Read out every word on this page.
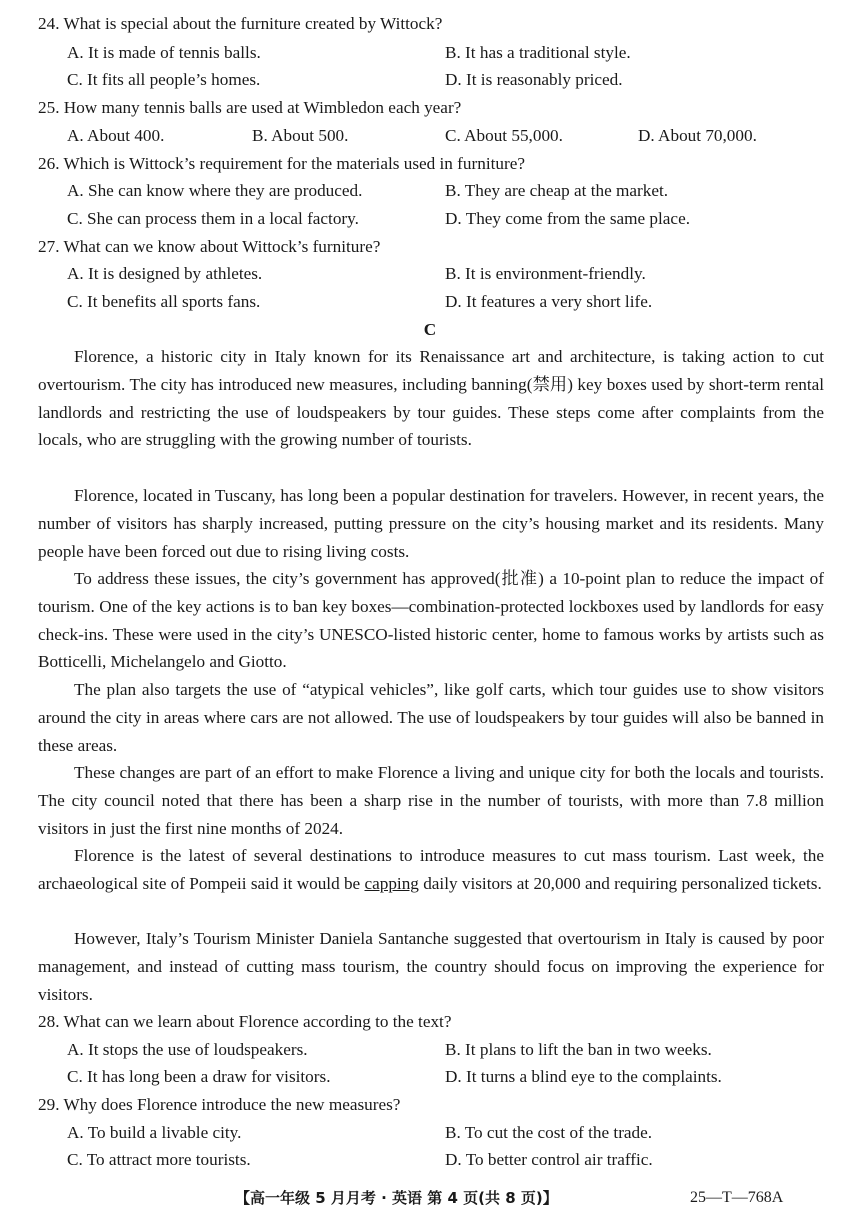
24. What is special about the furniture created by Wittock?
A. It is made of tennis balls.	B. It has a traditional style.
C. It fits all people’s homes.	D. It is reasonably priced.
25. How many tennis balls are used at Wimbledon each year?
A. About 400.	B. About 500.	C. About 55,000.	D. About 70,000.
26. Which is Wittock’s requirement for the materials used in furniture?
A. She can know where they are produced.	B. They are cheap at the market.
C. She can process them in a local factory.	D. They come from the same place.
27. What can we know about Wittock’s furniture?
A. It is designed by athletes.	B. It is environment-friendly.
C. It benefits all sports fans.	D. It features a very short life.
C
Florence, a historic city in Italy known for its Renaissance art and architecture, is taking action to cut overtourism. The city has introduced new measures, including banning(禁用) key boxes used by short-term rental landlords and restricting the use of loudspeakers by tour guides. These steps come after complaints from the locals, who are struggling with the growing number of tourists.
Florence, located in Tuscany, has long been a popular destination for travelers. However, in recent years, the number of visitors has sharply increased, putting pressure on the city’s housing market and its residents. Many people have been forced out due to rising living costs.
To address these issues, the city’s government has approved(批准) a 10-point plan to reduce the impact of tourism. One of the key actions is to ban key boxes—combination-protected lockboxes used by landlords for easy check-ins. These were used in the city’s UNESCO-listed historic center, home to famous works by artists such as Botticelli, Michelangelo and Giotto.
The plan also targets the use of “atypical vehicles”, like golf carts, which tour guides use to show visitors around the city in areas where cars are not allowed. The use of loudspeakers by tour guides will also be banned in these areas.
These changes are part of an effort to make Florence a living and unique city for both the locals and tourists. The city council noted that there has been a sharp rise in the number of tourists, with more than 7.8 million visitors in just the first nine months of 2024.
Florence is the latest of several destinations to introduce measures to cut mass tourism. Last week, the archaeological site of Pompeii said it would be capping daily visitors at 20,000 and requiring personalized tickets.
However, Italy’s Tourism Minister Daniela Santanche suggested that overtourism in Italy is caused by poor management, and instead of cutting mass tourism, the country should focus on improving the experience for visitors.
28. What can we learn about Florence according to the text?
A. It stops the use of loudspeakers.	B. It plans to lift the ban in two weeks.
C. It has long been a draw for visitors.	D. It turns a blind eye to the complaints.
29. Why does Florence introduce the new measures?
A. To build a livable city.	B. To cut the cost of the trade.
C. To attract more tourists.	D. To better control air traffic.
【高一年级 5 月月考 · 英语 第 4 页(共 8 页)】	25—T—768A
